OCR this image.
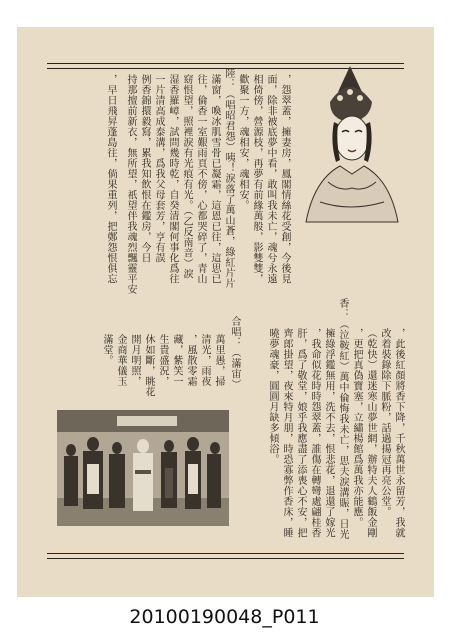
，怨翠蓋，擁妻房，鳳閣情絲花受創，今後見
面，除非被底夢中看，敢叫我未亡，魂兮永遠
相倚傍，營源枝，再夢有前緣萬般，影雙雙，
歡聚一方，魂相安，魂相安。
陸：（唱昭君怨）咦！淚落了萬山蒼，綠紅片片
滿窗，喚冰肌雪骨已凝霜，這恩已往，這思已
往，倫香一室艱雨頁不傍，心都哭碎了，青山
窈恨望，照裡淚有光痕有光。（乙反南音）淚
湿香羅嶂，試問幾時乾，自癸清閣何事化爲往
一片清高成泰溝，爲我父母套芳，亨有誤
例香錦擐毅寫，累我知飲恨在鑑房，今日
持那擅前新衣，無所望，祇望伴我魂烈飄靈平安
，早日飛昇蓬島往，倘果重列，把鄭怨恨俱忘
，此後紅顏將香下降，千秋萬世永留芳，我就
改着裝錄除下脈粉，話過揚冠再亮公堂。
（乾快）還迷寒山夢世網，辦特夫人鶴飯金剛
，更把真偽寶塞，立繡楊館爲萬我亦能應。
香：（泣鞍紅）萬中倫悔我未亡，思夫淚溝賑，日光
擁綠浮鑑無用，洗不去，恨悲花，退還了嫁光
，我命似花時時怨翠蓋，誰傷在轉彎處翩桂香
肝，爲了敬堂，娘乎我應盡了添喪心不安，把
齊郎掛望，夜來特月朋，時恐寡弊作香床，睡
曉夢魂豪，圓圓月缺多傾浴。
合唱：（滿宙）
萬里愚，掃
清光，雨夜
，風散零霜
藏，紫笑一
生貴盛況，
休如斷，眺花
開月明照，
金商華儀玉
滿堂。
20100190048_P011
